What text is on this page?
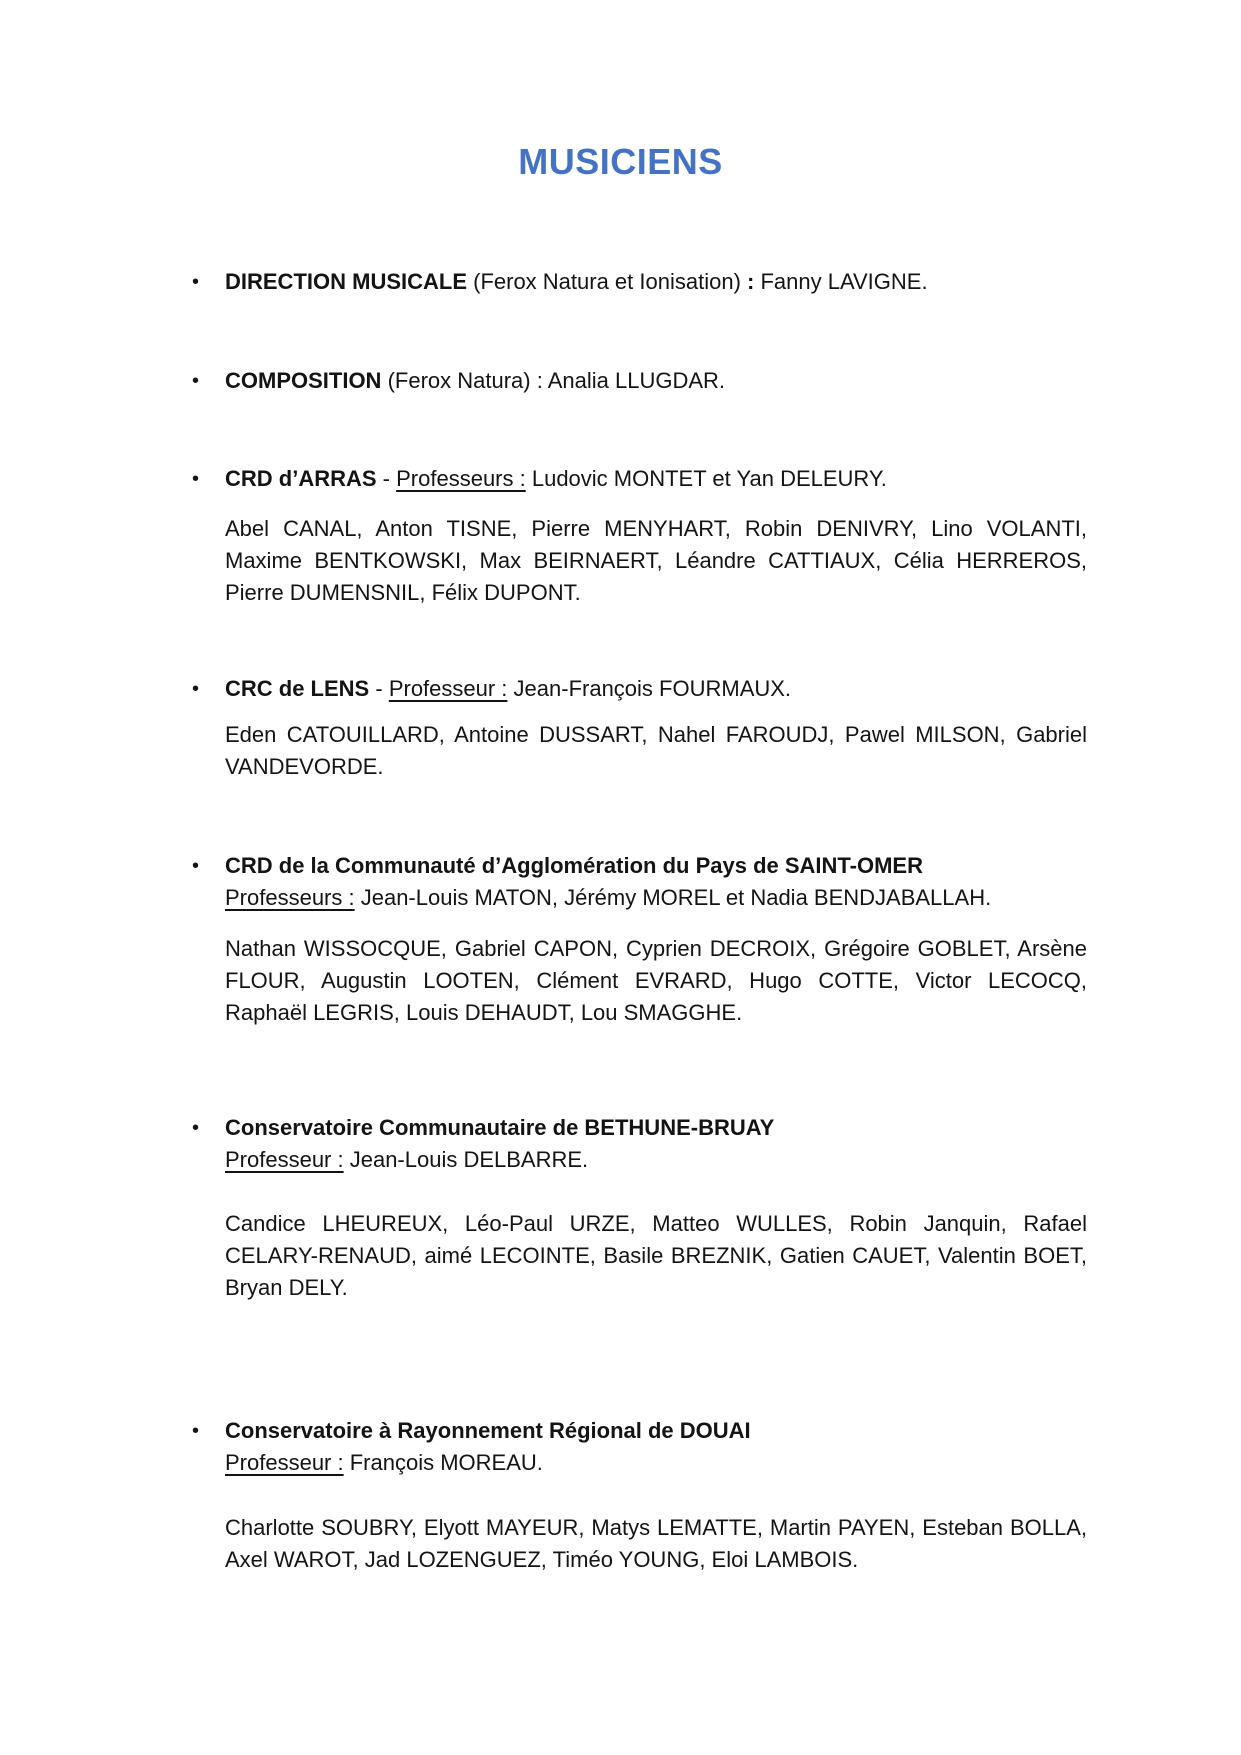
MUSICIENS
• DIRECTION MUSICALE (Ferox Natura et Ionisation) : Fanny LAVIGNE.

• COMPOSITION (Ferox Natura) : Analia LLUGDAR.

• CRD d’ARRAS - Professeurs : Ludovic MONTET et Yan DELEURY.

Abel CANAL, Anton TISNE, Pierre MENYHART, Robin DENIVRY, Lino VOLANTI, Maxime BENTKOWSKI, Max BEIRNAERT, Léandre CATTIAUX, Célia HERREROS, Pierre DUMENSNIL, Félix DUPONT.

• CRC de LENS - Professeur : Jean-François FOURMAUX.

Eden CATOUILLARD, Antoine DUSSART, Nahel FAROUDJ, Pawel MILSON, Gabriel VANDEVORDE.

• CRD de la Communauté d’Agglomération du Pays de SAINT-OMER
Professeurs : Jean-Louis MATON, Jérémy MOREL et Nadia BENDJABALLAH.

Nathan WISSOCQUE, Gabriel CAPON, Cyprien DECROIX, Grégoire GOBLET, Arsène FLOUR, Augustin LOOTEN, Clément EVRARD, Hugo COTTE, Victor LECOCQ, Raphaël LEGRIS, Louis DEHAUDT, Lou SMAGGHE.

• Conservatoire Communautaire de BETHUNE-BRUAY
Professeur : Jean-Louis DELBARRE.

Candice LHEUREUX, Léo-Paul URZE, Matteo WULLES, Robin Janquin, Rafael CELARY-RENAUD, aimé LECOINTE, Basile BREZNIK, Gatien CAUET, Valentin BOET, Bryan DELY.

• Conservatoire à Rayonnement Régional de DOUAI
Professeur : François MOREAU.

Charlotte SOUBRY, Elyott MAYEUR, Matys LEMATTE, Martin PAYEN, Esteban BOLLA, Axel WAROT, Jad LOZENGUEZ, Timéo YOUNG, Eloi LAMBOIS.
